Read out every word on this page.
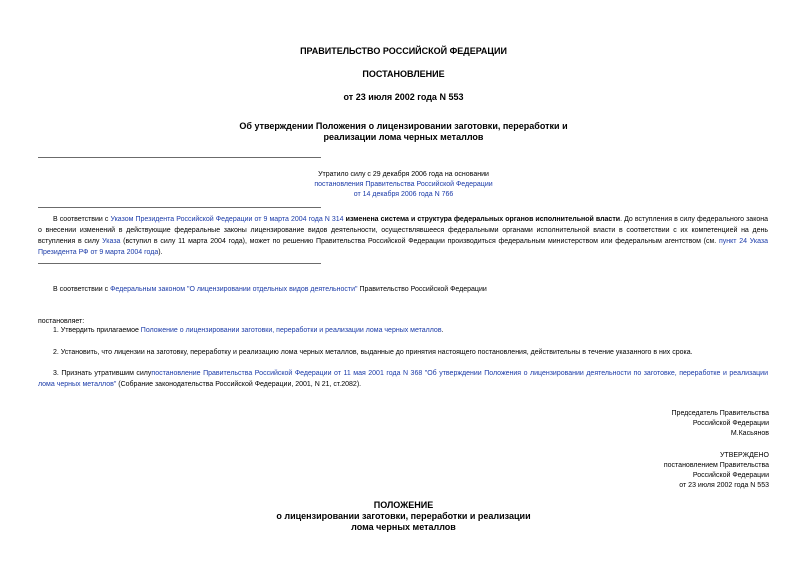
ПРАВИТЕЛЬСТВО РОССИЙСКОЙ ФЕДЕРАЦИИ
ПОСТАНОВЛЕНИЕ
от 23 июля 2002 года N 553
Об утверждении Положения о лицензировании заготовки, переработки и
реализации лома черных металлов
Утратило силу с 29 декабря 2006 года на основании
постановления Правительства Российской Федерации
от 14 декабря 2006 года N 766
В соответствии с Указом Президента Российской Федерации от 9 марта 2004 года N 314 изменена система и структура федеральных органов исполнительной власти. До вступления в силу федерального закона о внесении изменений в действующие федеральные законы лицензирование видов деятельности, осуществлявшееся федеральными органами исполнительной власти в соответствии с их компетенцией на день вступления в силу Указа (вступил в силу 11 марта 2004 года), может по решению Правительства Российской Федерации производиться федеральным министерством или федеральным агентством (см. пункт 24 Указа Президента РФ от 9 марта 2004 года).
В соответствии с Федеральным законом "О лицензировании отдельных видов деятельности" Правительство Российской Федерации
постановляет:
1. Утвердить прилагаемое Положение о лицензировании заготовки, переработки и реализации лома черных металлов.
2. Установить, что лицензии на заготовку, переработку и реализацию лома черных металлов, выданные до принятия настоящего постановления, действительны в течение указанного в них срока.
3. Признать утратившим силупостановление Правительства Российской Федерации от 11 мая 2001 года N 368 "Об утверждении Положения о лицензировании деятельности по заготовке, переработке и реализации лома черных металлов" (Собрание законодательства Российской Федерации, 2001, N 21, ст.2082).
Председатель Правительства
Российской Федерации
М.Касьянов
УТВЕРЖДЕНО
постановлением Правительства
Российской Федерации
от 23 июля 2002 года N 553
ПОЛОЖЕНИЕ
о лицензировании заготовки, переработки и реализации
лома черных металлов
